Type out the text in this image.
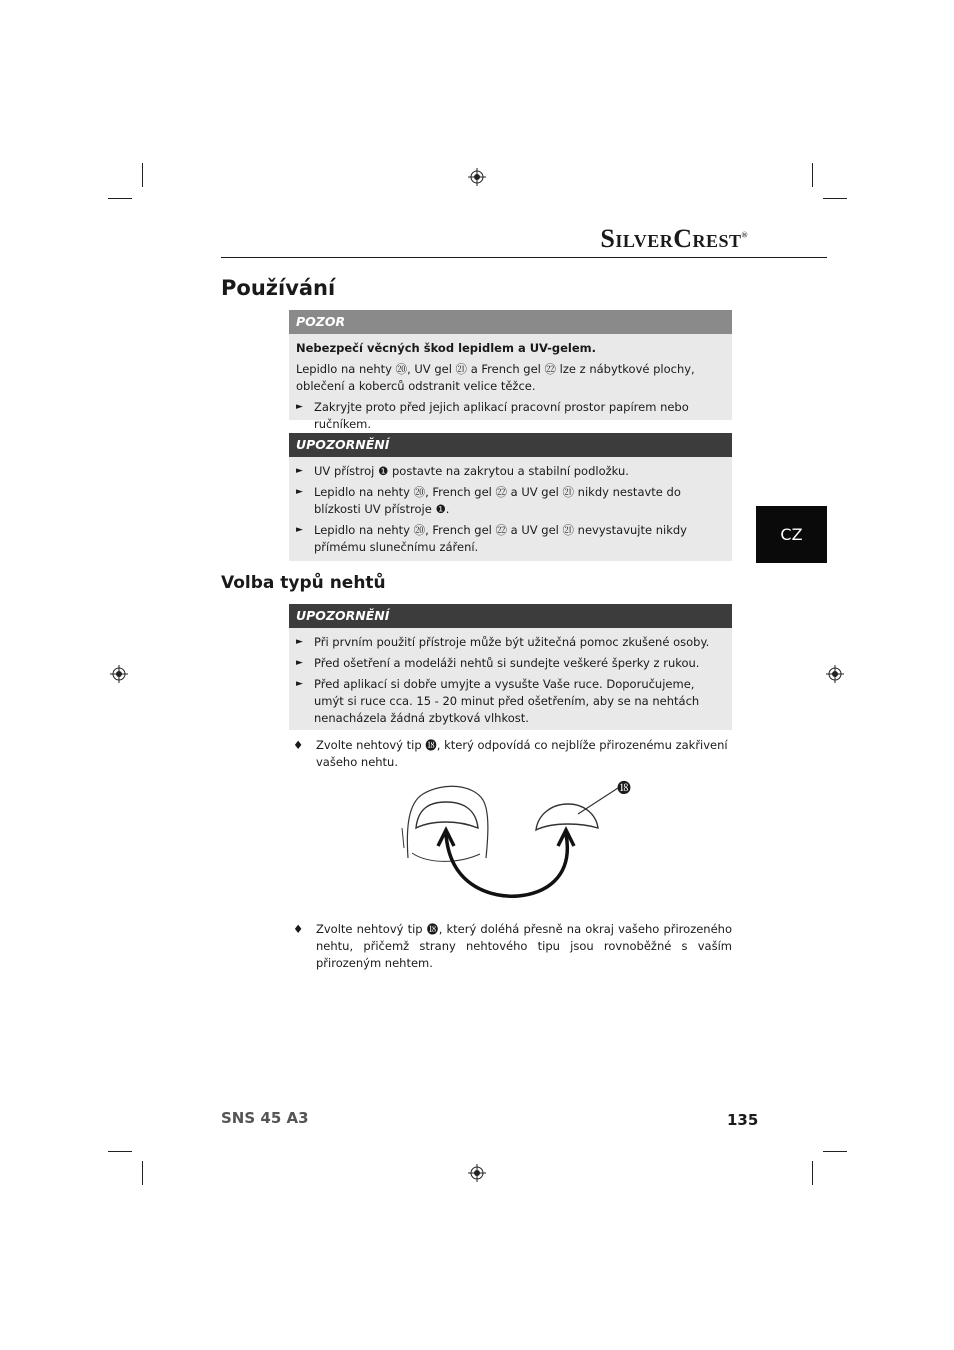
SilverCrest®
Používání
POZOR

Nebezpečí věcných škod lepidlem a UV-gelem.

Lepidlo na nehty ⑳, UV gel ㉑ a French gel ㉒ lze z nábytkové plochy, oblečení a koberců odstranit velice těžce.

► Zakryjte proto před jejich aplikací pracovní prostor papírem nebo ručníkem.
UPOZORNĚNÍ
► UV přístroj ❶ postavte na zakrytou a stabilní podložku.
► Lepidlo na nehty ⑳, French gel ㉒ a UV gel ㉑ nikdy nestavte do blízkosti UV přístroje ❶.
► Lepidlo na nehty ⑳, French gel ㉒ a UV gel ㉑ nevystavujte nikdy přímému slunečnímu záření.
CZ
Volba typů nehtů
UPOZORNĚNÍ
► Při prvním použití přístroje může být užitečná pomoc zkušené osoby.
► Před ošetření a modeláži nehtů si sundejte veškeré šperky z rukou.
► Před aplikací si dobře umyjte a vysušte Vaše ruce. Doporučujeme, umýt si ruce cca. 15 - 20 minut před ošetřením, aby se na nehtách nenacházela žádná zbytková vlhkost.
♦	Zvolte nehtový tip ⓲, který odpovídá co nejblíže přirozenému zakřivení vašeho nehtu.
⓲
♦	Zvolte nehtový tip ⓲, který doléhá přesně na okraj vašeho přirozeného nehtu, přičemž strany nehtového tipu jsou rovnoběžné s vaším přirozeným nehtem.
SNS 45 A3	135
